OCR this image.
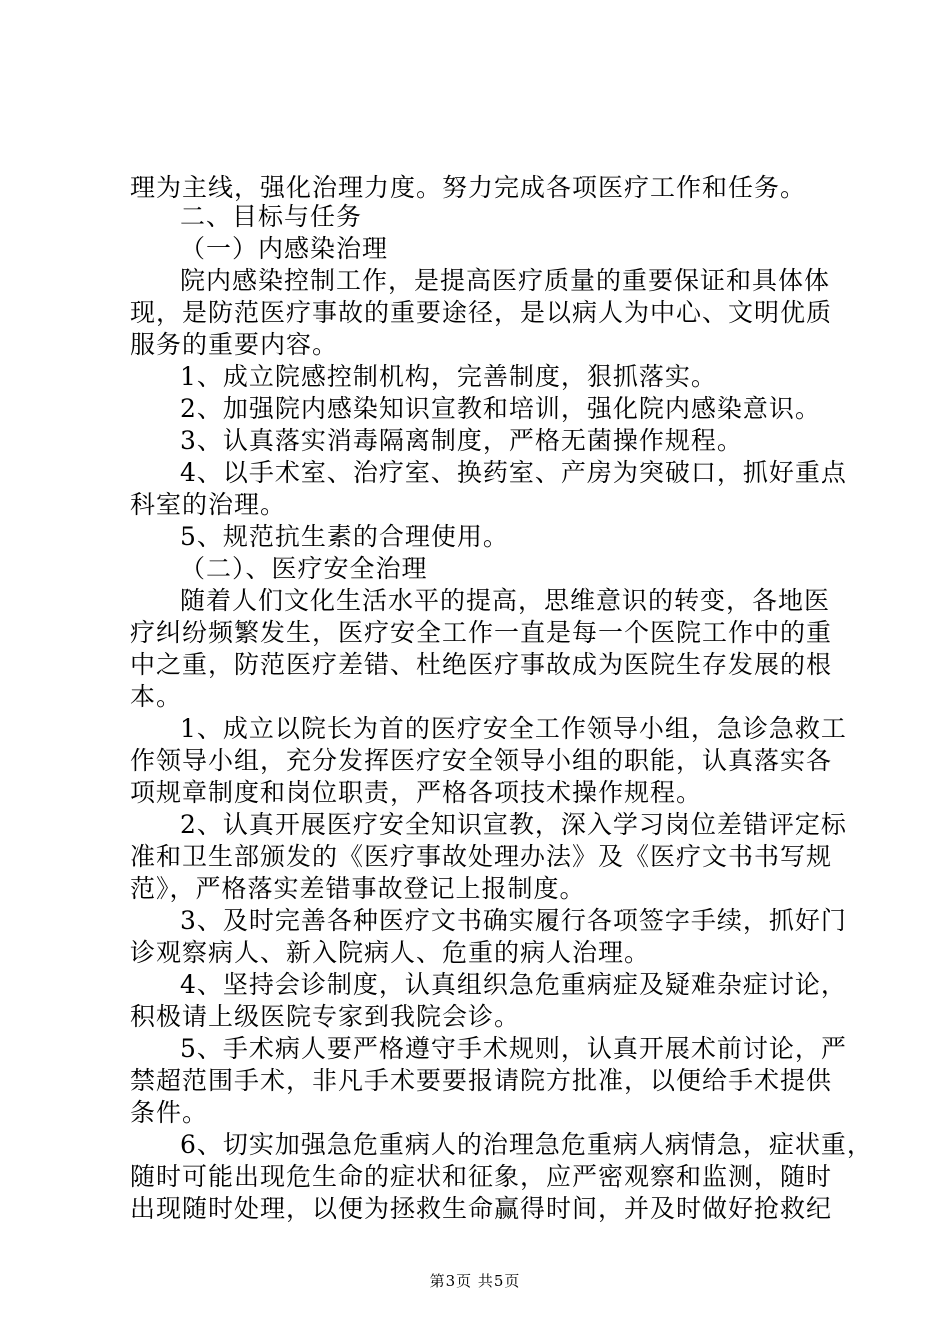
理为主线，强化治理力度。努力完成各项医疗工作和任务。
二、目标与任务
（一）内感染治理
院内感染控制工作，是提高医疗质量的重要保证和具体体
现，是防范医疗事故的重要途径，是以病人为中心、文明优质
服务的重要内容。
1、成立院感控制机构，完善制度，狠抓落实。
2、加强院内感染知识宣教和培训，强化院内感染意识。
3、认真落实消毒隔离制度，严格无菌操作规程。
4、以手术室、治疗室、换药室、产房为突破口，抓好重点
科室的治理。
5、规范抗生素的合理使用。
（二）、医疗安全治理
随着人们文化生活水平的提高，思维意识的转变，各地医
疗纠纷频繁发生，医疗安全工作一直是每一个医院工作中的重
中之重，防范医疗差错、杜绝医疗事故成为医院生存发展的根
本。
1、成立以院长为首的医疗安全工作领导小组，急诊急救工
作领导小组，充分发挥医疗安全领导小组的职能，认真落实各
项规章制度和岗位职责，严格各项技术操作规程。
2、认真开展医疗安全知识宣教，深入学习岗位差错评定标
准和卫生部颁发的《医疗事故处理办法》及《医疗文书书写规
范》，严格落实差错事故登记上报制度。
3、及时完善各种医疗文书确实履行各项签字手续，抓好门
诊观察病人、新入院病人、危重的病人治理。
4、坚持会诊制度，认真组织急危重病症及疑难杂症讨论，
积极请上级医院专家到我院会诊。
5、手术病人要严格遵守手术规则，认真开展术前讨论，严
禁超范围手术，非凡手术要要报请院方批准，以便给手术提供
条件。
6、切实加强急危重病人的治理急危重病人病情急，症状重，
随时可能出现危生命的症状和征象，应严密观察和监测，随时
出现随时处理，以便为拯救生命赢得时间，并及时做好抢救纪
第3页 共5页
